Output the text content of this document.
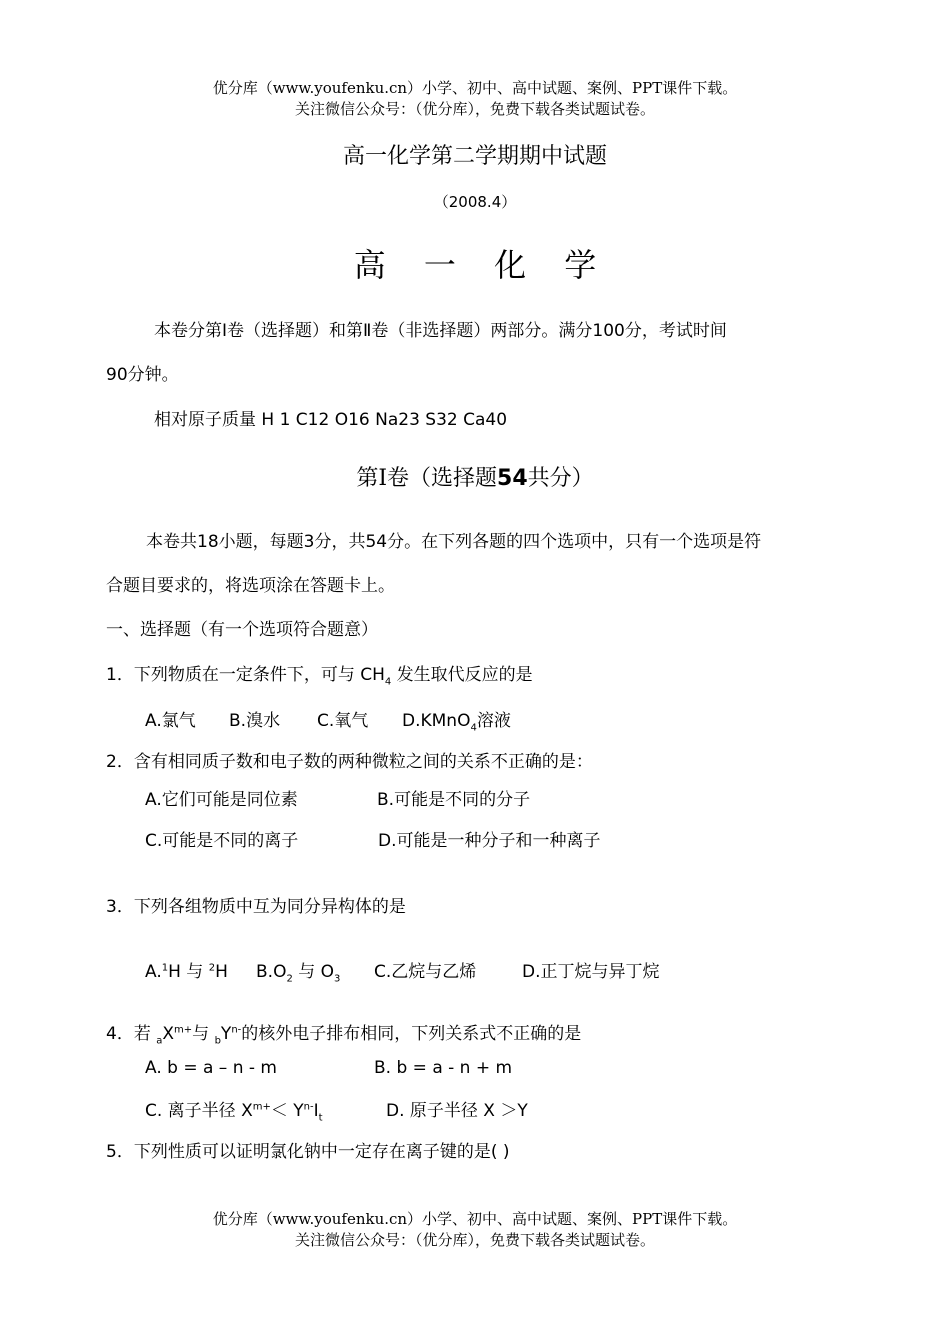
优分库（www.youfenku.cn）小学、初中、高中试题、案例、PPT课件下载。
关注微信公众号：（优分库），免费下载各类试题试卷。
高一化学第二学期期中试题
（2008.4）
高 一 化 学
本卷分第Ⅰ卷（选择题）和第Ⅱ卷（非选择题）两部分。满分100分，考试时间
90分钟。
相对原子质量 H 1 C12 O16 Na23 S32 Ca40
第Ⅰ卷（选择题54共分）
本卷共18小题，每题3分，共54分。在下列各题的四个选项中，只有一个选项是符
合题目要求的，将选项涂在答题卡上。
一、选择题（有一个选项符合题意）
1．下列物质在一定条件下，可与 $CH_4$ 发生取代反应的是
A.氯气 B.溴水 C.氧气 D.KMnO$_4$溶液
2．含有相同质子数和电子数的两种微粒之间的关系不正确的是：
A.它们可能是同位素	B.可能是不同的分子
C.可能是不同的离子	D.可能是一种分子和一种离子
3．下列各组物质中互为同分异构体的是
A.$^1$H 与 $^2$H $B.O_2$ 与 $O_3$ C.乙烷与乙烯	D.正丁烷与异丁烷
4．若 $_aX^{m+}$与 $_bY^{n-}$的核外电子排布相同，下列关系式不正确的是
A. b = a – n - m	B. b = a - n + m
C. 离子半径 $X^{m+}< Y^{n-}I_t$	D. 原子半径 X ＞Y
5．下列性质可以证明氯化钠中一定存在离子键的是( )
优分库（www.youfenku.cn）小学、初中、高中试题、案例、PPT课件下载。
关注微信公众号：（优分库），免费下载各类试题试卷。
